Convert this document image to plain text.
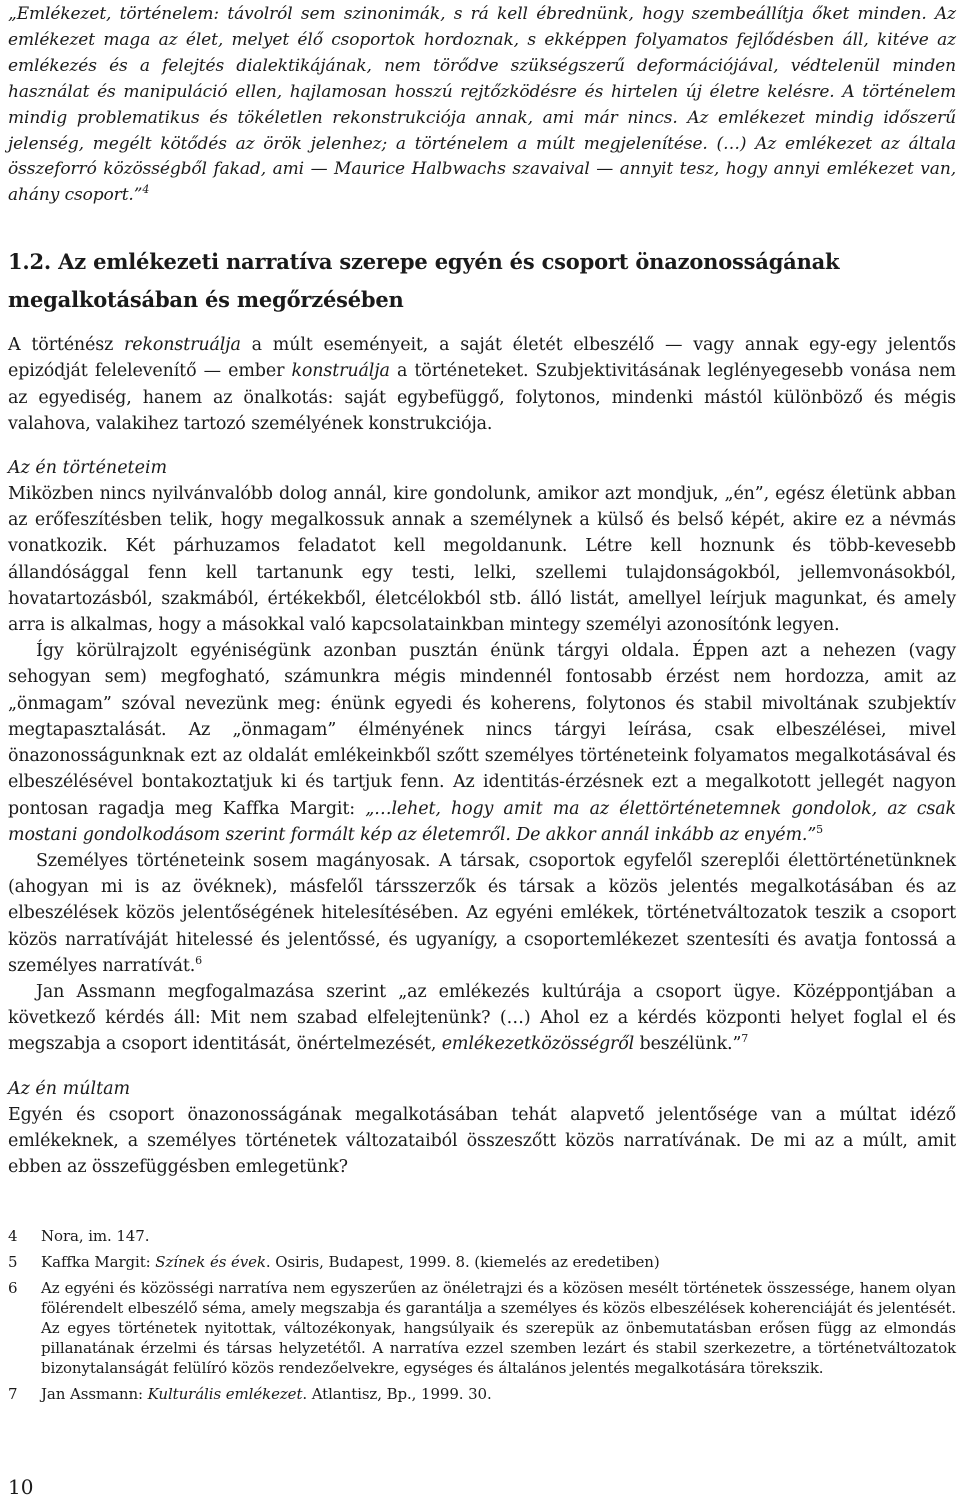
„Emlékezet, történelem: távolról sem szinonimák, s rá kell ébrednünk, hogy szembeállítja őket minden. Az emlékezet maga az élet, melyet élő csoportok hordoznak, s ekképpen folyamatos fejlődésben áll, kitéve az emlékezés és a felejtés dialektikájának, nem törődve szükségszerű deformációjával, védtelenül minden használat és manipuláció ellen, hajlamosan hosszú rejtőzködésre és hirtelen új életre kelésre. A történelem mindig problematikus és tökéletlen rekonstrukciója annak, ami már nincs. Az emlékezet mindig időszerű jelenség, megélt kötődés az örök jelenhez; a történelem a múlt megjelenítése. (…) Az emlékezet az általa összeforró közösségből fakad, ami — Maurice Halbwachs szavaival — annyit tesz, hogy annyi emlékezet van, ahány csoport.”$^4$

1.2. Az emlékezeti narratíva szerepe egyén és csoport önazonosságának megalkotásában és megőrzésében

A történész rekonstruálja a múlt eseményeit, a saját életét elbeszélő — vagy annak egy-egy jelentős epizódját felelevenítő — ember konstruálja a történeteket. Szubjektivitásának leglényegesebb vonása nem az egyediség, hanem az önalkotás: saját egybefüggő, folytonos, mindenki mástól különböző és mégis valahova, valakihez tartozó személyének konstrukciója.

Az én történeteim

Miközben nincs nyilvánvalóbb dolog annál, kire gondolunk, amikor azt mondjuk, „én”, egész életünk abban az erőfeszítésben telik, hogy megalkossuk annak a személynek a külső és belső képét, akire ez a névmás vonatkozik. Két párhuzamos feladatot kell megoldanunk. Létre kell hoznunk és több-kevesebb állandósággal fenn kell tartanunk egy testi, lelki, szellemi tulajdonságokból, jellemvonásokból, hovatartozásból, szakmából, értékekből, életcélokból stb. álló listát, amellyel leírjuk magunkat, és amely arra is alkalmas, hogy a másokkal való kapcsolatainkban mintegy személyi azonosítónk legyen.

Így körülrajzolt egyéniségünk azonban pusztán énünk tárgyi oldala. Éppen azt a nehezen (vagy sehogyan sem) megfogható, számunkra mégis mindennél fontosabb érzést nem hordozza, amit az „önmagam” szóval nevezünk meg: énünk egyedi és koherens, folytonos és stabil mivoltának szubjektív megtapasztalását. Az „önmagam” élményének nincs tárgyi leírása, csak elbeszélései, mivel önazonosságunknak ezt az oldalát emlékeinkből szőtt személyes történeteink folyamatos megalkotásával és elbeszélésével bontakoztatjuk ki és tartjuk fenn. Az identitás-érzésnek ezt a megalkotott jellegét nagyon pontosan ragadja meg Kaffka Margit: „…lehet, hogy amit ma az élettörténetemnek gondolok, az csak mostani gondolkodásom szerint formált kép az életemről. De akkor annál inkább az enyém.”$^5$

Személyes történeteink sosem magányosak. A társak, csoportok egyfelől szereplői élettörténetünknek (ahogyan mi is az övéknek), másfelől társszerzők és társak a közös jelentés megalkotásában és az elbeszélések közös jelentőségének hitelesítésében. Az egyéni emlékek, történetváltozatok teszik a csoport közös narratíváját hitelessé és jelentőssé, és ugyanígy, a csoportemlékezet szentesíti és avatja fontossá a személyes narratívát.$^6$

Jan Assmann megfogalmazása szerint „az emlékezés kultúrája a csoport ügye. Középpontjában a következő kérdés áll: Mit nem szabad elfelejtenünk? (…) Ahol ez a kérdés központi helyet foglal el és megszabja a csoport identitását, önértelmezését, emlékezetközösségről beszélünk.”$^7$

Az én múltam

Egyén és csoport önazonosságának megalkotásában tehát alapvető jelentősége van a múltat idéző emlékeknek, a személyes történetek változataiból összeszőtt közös narratívának. De mi az a múlt, amit ebben az összefüggésben emlegetünk?

4	Nora, im. 147.
5	Kaffka Margit: Színek és évek. Osiris, Budapest, 1999. 8. (kiemelés az eredetiben)
6	Az egyéni és közösségi narratíva nem egyszerűen az önéletrajzi és a közösen mesélt történetek összessége, hanem olyan fölérendelt elbeszélő séma, amely megszabja és garantálja a személyes és közös elbeszélések koherenciáját és jelentését. Az egyes történetek nyitottak, változékonyak, hangsúlyaik és szerepük az önbemutatásban erősen függ az elmondás pillanatának érzelmi és társas helyzetétől. A narratíva ezzel szemben lezárt és stabil szerkezetre, a történetváltozatok bizonytalanságát felülíró közös rendezőelvekre, egységes és általános jelentés megalkotására törekszik.
7	Jan Assmann: Kulturális emlékezet. Atlantisz, Bp., 1999. 30.
10
